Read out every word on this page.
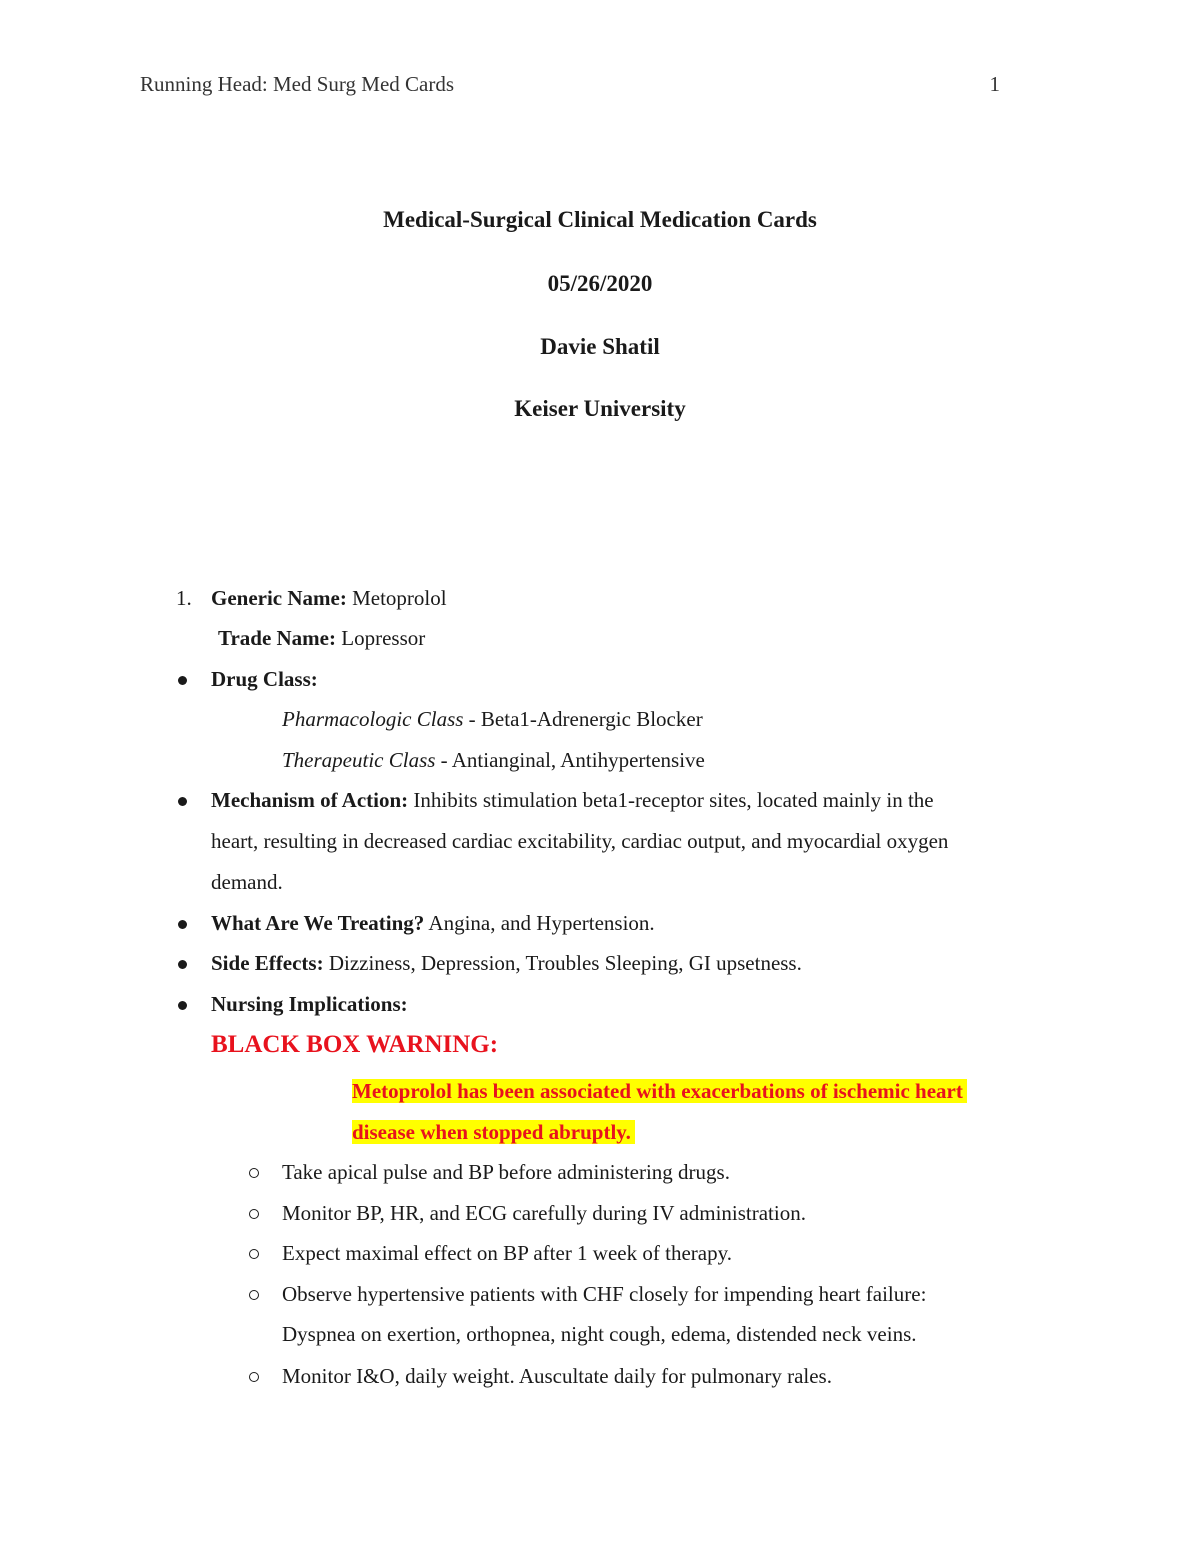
Running Head: Med Surg Med Cards	1
Medical-Surgical Clinical Medication Cards
05/26/2020
Davie Shatil
Keiser University
1. Generic Name: Metoprolol
Trade Name: Lopressor
Drug Class:
Pharmacologic Class - Beta1-Adrenergic Blocker
Therapeutic Class - Antianginal, Antihypertensive
Mechanism of Action: Inhibits stimulation beta1-receptor sites, located mainly in the
heart, resulting in decreased cardiac excitability, cardiac output, and myocardial oxygen
demand.
What Are We Treating? Angina, and Hypertension.
Side Effects: Dizziness, Depression, Troubles Sleeping, GI upsetness.
Nursing Implications:
BLACK BOX WARNING:
Metoprolol has been associated with exacerbations of ischemic heart
disease when stopped abruptly.
Take apical pulse and BP before administering drugs.
Monitor BP, HR, and ECG carefully during IV administration.
Expect maximal effect on BP after 1 week of therapy.
Observe hypertensive patients with CHF closely for impending heart failure:
Dyspnea on exertion, orthopnea, night cough, edema, distended neck veins.
Monitor I&O, daily weight. Auscultate daily for pulmonary rales.
